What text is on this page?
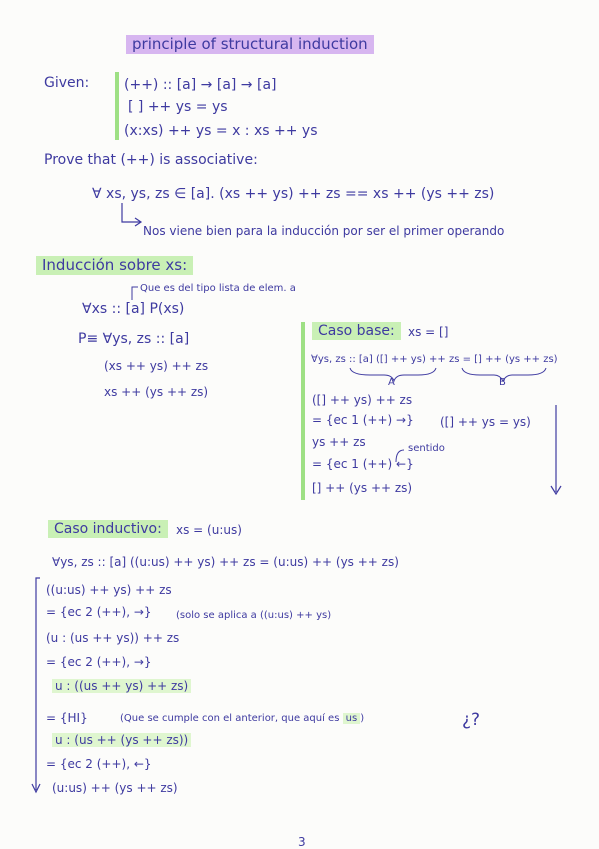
principle of structural induction
Given: (++) :: [a] → [a] → [a]
[ ] ++ ys = ys
(x:xs) ++ ys = x : xs ++ ys
Prove that (++) is associative:
∀ xs, ys, zs ∈ [a]. (xs ++ ys) ++ zs == xs ++ (ys ++ zs)
Nos viene bien para la inducción por ser el primer operando
Inducción sobre xs:
Que es del tipo lista de elem. a
∀xs :: [a] P(xs)
P≡ ∀ys, zs :: [a]
(xs ++ ys) ++ zs
xs ++ (ys ++ zs)
Caso base:	xs = []
∀ys, zs :: [a] ([] ++ ys) ++ zs = [] ++ (ys ++ zs)
A	B
([] ++ ys) ++ zs
= {ec 1 (++) →} ([] ++ ys = ys)
ys ++ zs	sentido
= {ec 1 (++) ←}
[] ++ (ys ++ zs)
Caso inductivo:	xs = (u:us)
∀ys, zs :: [a] ((u:us) ++ ys) ++ zs = (u:us) ++ (ys ++ zs)
((u:us) ++ ys) ++ zs
= {ec 2 (++), →} (solo se aplica a ((u:us) ++ ys)
(u : (us ++ ys)) ++ zs
= {ec 2 (++), →}
u : ((us ++ ys) ++ zs)
= {HI}	(Que se cumple con el anterior, que aquí es us )
u : (us ++ (ys ++ zs))
= {ec 2 (++), ←}
(u:us) ++ (ys ++ zs)
¿?
3
